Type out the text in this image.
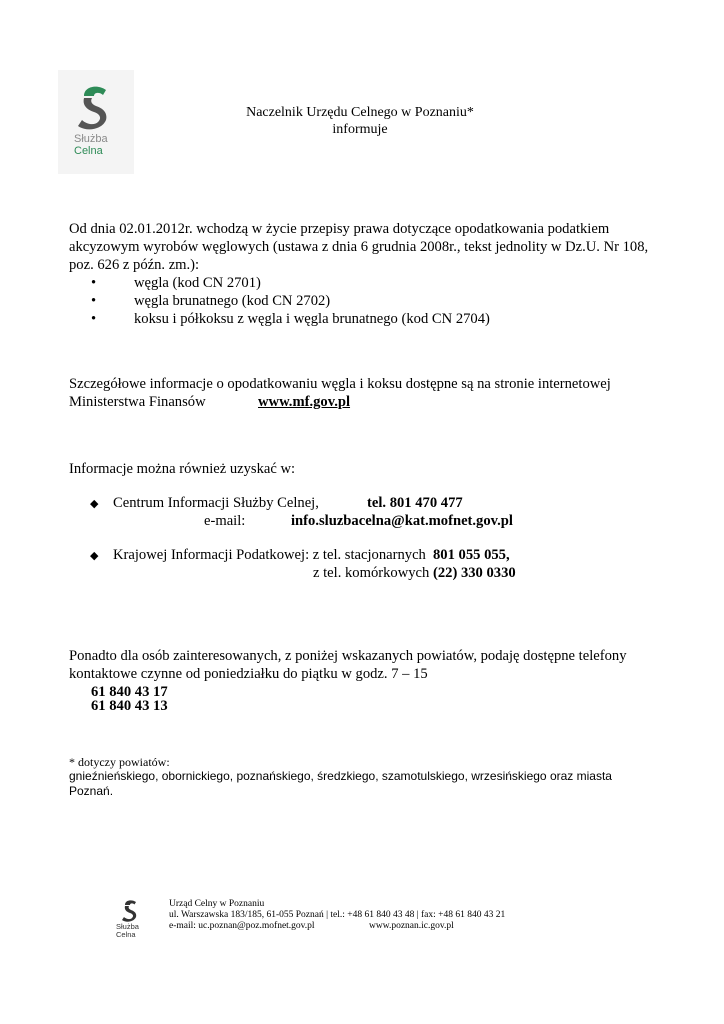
Służba
Celna
Naczelnik Urzędu Celnego w Poznaniu*
informuje
Od dnia 02.01.2012r. wchodzą w życie przepisy prawa dotyczące opodatkowania podatkiem
akcyzowym wyrobów węglowych (ustawa z dnia 6 grudnia 2008r., tekst jednolity w Dz.U. Nr 108,
poz. 626 z późn. zm.):
•	węgla (kod CN 2701)
•	węgla brunatnego (kod CN 2702)
•	koksu i półkoksu z węgla i węgla brunatnego (kod CN 2704)
Szczegółowe informacje o opodatkowaniu węgla i koksu dostępne są na stronie internetowej
Ministerstwa Finansów	www.mf.gov.pl
Informacje można również uzyskać w:
◆ Centrum Informacji Służby Celnej,	tel. 801 470 477
e-mail:	info.sluzbacelna@kat.mofnet.gov.pl
◆ Krajowej Informacji Podatkowej: z tel. stacjonarnych 801 055 055,
z tel. komórkowych (22) 330 0330
Ponadto dla osób zainteresowanych, z poniżej wskazanych powiatów, podaję dostępne telefony
kontaktowe czynne od poniedziałku do piątku w godz. 7 – 15
61 840 43 17
61 840 43 13
* dotyczy powiatów:
gnieźnieńskiego, obornickiego, poznańskiego, średzkiego, szamotulskiego, wrzesińskiego oraz miasta
Poznań.
Służba
Celna
Urząd Celny w Poznaniu
ul. Warszawska 183/185, 61-055 Poznań | tel.: +48 61 840 43 48 | fax: +48 61 840 43 21
e-mail: uc.poznan@poz.mofnet.gov.pl	www.poznan.ic.gov.pl
